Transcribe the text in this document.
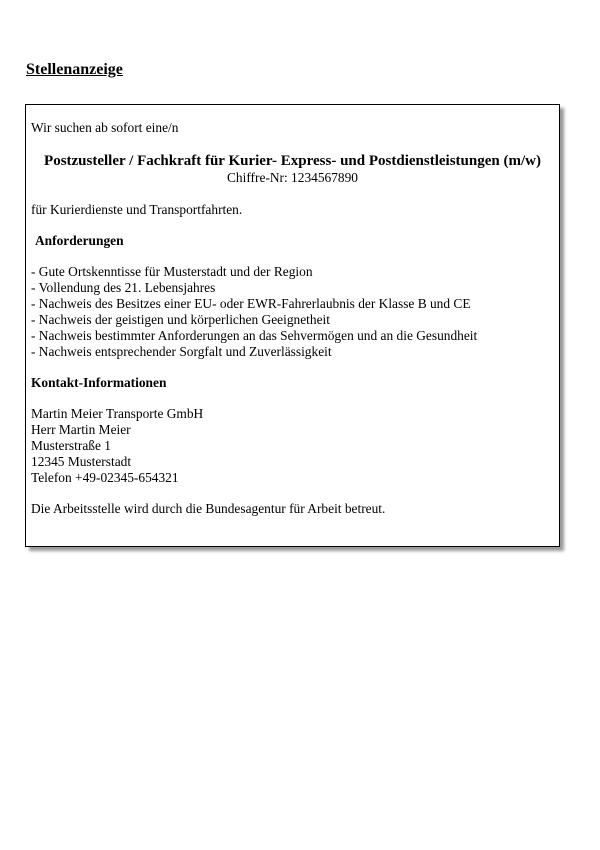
Stellenanzeige
Wir suchen ab sofort eine/n
Postzusteller / Fachkraft für Kurier- Express- und Postdienstleistungen (m/w)
Chiffre-Nr: 1234567890
für Kurierdienste und Transportfahrten.
Anforderungen
- Gute Ortskenntisse für Musterstadt und der Region
- Vollendung des 21. Lebensjahres
- Nachweis des Besitzes einer EU- oder EWR-Fahrerlaubnis der Klasse B und CE
- Nachweis der geistigen und körperlichen Geeignetheit
- Nachweis bestimmter Anforderungen an das Sehvermögen und an die Gesundheit
- Nachweis entsprechender Sorgfalt und Zuverlässigkeit
Kontakt-Informationen
Martin Meier Transporte GmbH
Herr Martin Meier
Musterstraße 1
12345 Musterstadt
Telefon +49-02345-654321
Die Arbeitsstelle wird durch die Bundesagentur für Arbeit betreut.
